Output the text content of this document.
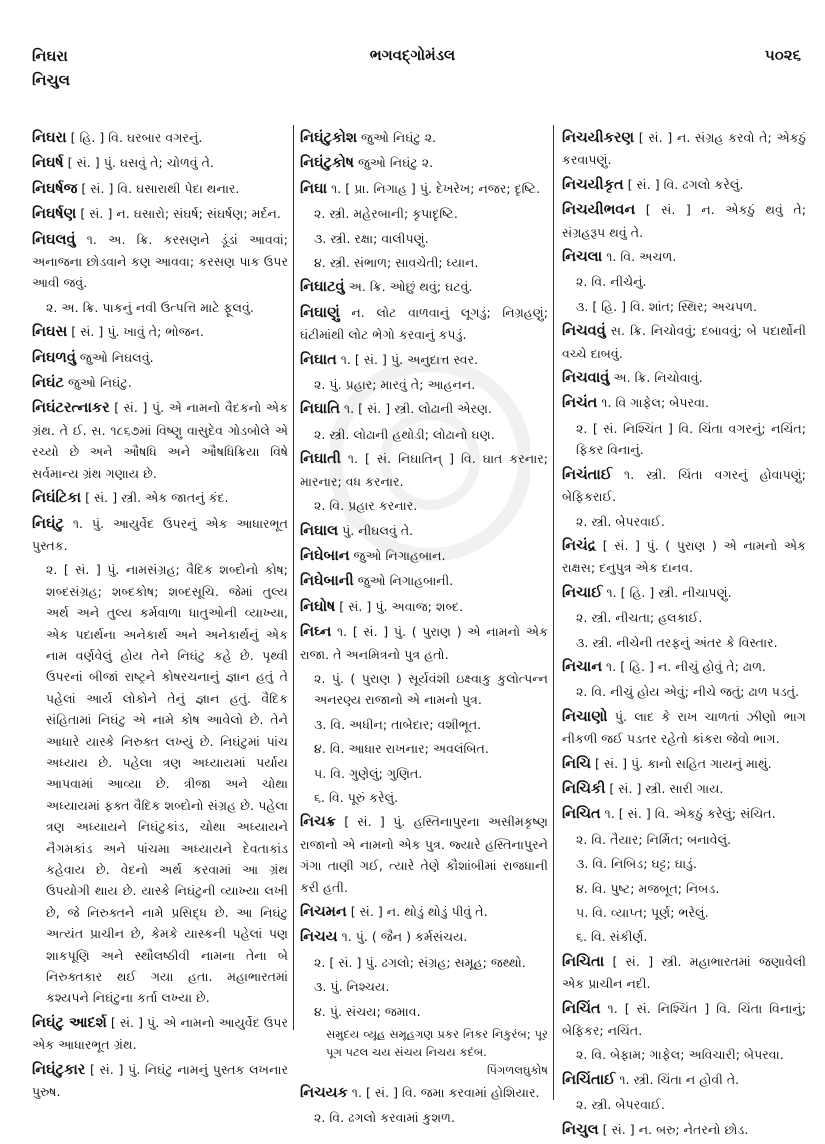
નિઘરા
નિચુલ
ભગવદ્ગોમંડલ	૫૦૨૬
નિઘરા [ હિ. ] વિ. ઘરબાર વગરનું.
નિઘર્ષ [ સં. ] પું. ઘસવું તે; ચોળવું તે.
નિઘર્ષજ [ સં. ] વિ. ઘસારાથી પેદા થનાર.
નિઘર્ષણ [ સં. ] ન. ઘસારો; સંઘર્ષ; સંઘર્ષણ; મર્દન.
નિઘલવું ૧. અ. ક્રિ. કરસણને ડૂંડાં આવવાં; અનાજના છોડવાને કણ આવવા; કરસણ પાક ઉપર આવી જવું.
૨. અ. ક્રિ. પાકનું નવી ઉત્પત્તિ માટે ફૂલવું.
નિઘસ [ સં. ] પું. ખાવું તે; ભોજન.
નિઘળવું જુઓ નિઘલવું.
નિઘંટ જુઓ નિઘંટુ.
નિઘંટરત્નાકર [ સં. ] પું. એ નામનો વૈદકનો એક ગ્રંથ. તે ઈ. સ. ૧૮૬૭માં વિષ્ણુ વાસુદેવ ગોડબોલે એ રચ્યો છે અને ઔષધિ અને ઔષધિક્રિયા વિષે સર્વમાન્ય ગ્રંથ ગણાય છે.
નિઘંટિકા [ સં. ] સ્ત્રી. એક જાતનું કંદ.
નિઘંટુ ૧. પું. આયુર્વેદ ઉપરનું એક આધારભૂત પુસ્તક.
૨. [ સં. ] પું. નામસંગ્રહ; વૈદિક શબ્દોનો કોષ; શબ્દસંગ્રહ; શબ્દકોષ; શબ્દસૂચિ. જેમાં તુલ્ય અર્થ અને તુલ્ય કર્મવાળા ધાતુઓની વ્યાખ્યા, એક પદાર્થના અનેકાર્થ અને અનેકાર્થનું એક નામ વર્ણવેલું હોય તેને નિઘંટુ કહે છે. પૃથ્વી ઉપરનાં બીજાં રાષ્ટ્રને કોષરચનાનું જ્ઞાન હતું તે પહેલાં આર્ય લોકોને તેનું જ્ઞાન હતું. વૈદિક સંહિતામાં નિઘંટુ એ નામે કોષ આવેલો છે. તેને આધારે યાસ્કે નિરુક્ત લખ્યું છે. નિઘંટુમાં પાંચ અધ્યાય છે. પહેલા ત્રણ અધ્યાયમાં પર્યાય આપવામાં આવ્યા છે. ત્રીજા અને ચોથા અધ્યાયમાં ફક્ત વૈદિક શબ્દોનો સંગ્રહ છે. પહેલા ત્રણ અધ્યાયને નિઘંટુકાંડ, ચોથા અધ્યાયને નૈગમકાંડ અને પાંચમા અધ્યાયને દેવતાકાંડ કહેવાય છે. વેદનો અર્થ કરવામાં આ ગ્રંથ ઉપયોગી થાય છે. યાસ્કે નિઘંટુની વ્યાખ્યા લખી છે, જે નિરુક્તને નામે પ્રસિદ્ધ છે. આ નિઘંટુ અત્યંત પ્રાચીન છે, કેમકે યાસ્કની પહેલાં પણ શાકપૂણિ અને સ્થૌલષ્ઠીવી નામના તેના બે નિરુક્તકાર થઈ ગયા હતા. મહાભારતમાં કશ્યપને નિઘંટુના કર્તા લખ્યા છે.
નિઘંટુ આદર્શ [ સં. ] પું. એ નામનો આયુર્વેદ ઉપર એક આધારભૂત ગ્રંથ.
નિઘંટુકાર [ સં. ] પું. નિઘંટુ નામનું પુસ્તક લખનાર પુરુષ.
નિઘંટુકોશ જુઓ નિઘંટુ ૨.
નિઘંટુકોષ જુઓ નિઘંટુ ૨.
નિઘા ૧. [ પ્રા. નિગાહ ] પું. દેખરેખ; નજર; દૃષ્ટિ.
૨. સ્ત્રી. મહેરબાની; કૃપાદૃષ્ટિ.
૩. સ્ત્રી. રક્ષા; વાલીપણું.
૪. સ્ત્રી. સંભાળ; સાવચેતી; ધ્યાન.
નિઘાટવું અ. ક્રિ. ઓછું થવું; ઘટવું.
નિઘાણું ન. લોટ વાળવાનું લૂગડું; નિગ્રહણું; ઘંટીમાંથી લોટ ભેગો કરવાનું કપડું.
નિઘાત ૧. [ સં. ] પું. અનુદાત્ત સ્વર.
૨. પું. પ્રહાર; મારવું તે; આહનન.
નિઘાતિ ૧. [ સં. ] સ્ત્રી. લોઢાની એરણ.
૨. સ્ત્રી. લોઢાની હથોડી; લોઢાનો ઘણ.
નિઘાતી ૧. [ સં. નિઘાતિન્ ] વિ. ઘાત કરનાર; મારનાર; વધ કરનાર.
૨. વિ. પ્રહાર કરનાર.
નિઘાલ પું. નીઘલવું તે.
નિઘેબાન જુઓ નિગાહબાન.
નિઘેબાની જુઓ નિગાહબાની.
નિઘોષ [ સં. ] પું. અવાજ; શબ્દ.
નિઘ્ન ૧. [ સં. ] પું. ( પુરાણ ) એ નામનો એક રાજા. તે અનમિત્રનો પુત્ર હતો.
૨. પું. ( પુરાણ ) સૂર્યવંશી ઇક્ષ્વાકુ કુલોત્પન્ન અનરણ્ય રાજાનો એ નામનો પુત્ર.
૩. વિ. અધીન; તાબેદાર; વશીભૂત.
૪. વિ. આધાર રાખનાર; અવલંબિત.
૫. વિ. ગુણેલું; ગુણિત.
૬. વિ. પૂરું કરેલું.
નિચક્ર [ સં. ] પું. હસ્તિનાપુરના અસીમકૃષ્ણ રાજાનો એ નામનો એક પુત્ર. જ્યારે હસ્તિનાપુરને ગંગા તાણી ગઈ, ત્યારે તેણે કૌશાંબીમાં રાજધાની કરી હતી.
નિચમન [ સં. ] ન. થોડું થોડું પીવું તે.
નિચય ૧. પું. ( જૈન ) કર્મસંચય.
૨. [ સં. ] પું. ઢગલો; સંગ્રહ; સમૂહ; જથ્થો.
૩. પું. નિશ્ચય.
૪. પું. સંચય; જમાવ.
સમુદય વ્યૂહ સમૂહગણ પ્રકર નિકર નિકુરંબ; પૂર પૂગ પટલ ચય સંચય નિચય કદંબ.
પિંગળલઘુકોષ
નિચયક ૧. [ સં. ] વિ. જમા કરવામાં હોશિયાર.
૨. વિ. ઢગલો કરવામાં કુશળ.
નિચયીકરણ [ સં. ] ન. સંગ્રહ કરવો તે; એકઠું કરવાપણું.
નિચયીકૃત [ સં. ] વિ. ઢગલો કરેલું.
નિચયીભવન [ સં. ] ન. એકઠું થવું તે; સંગ્રહરૂપ થવું તે.
નિચલા ૧. વિ. અચળ.
૨. વિ. નીચેનું.
૩. [ હિ. ] વિ. શાંત; સ્થિર; અચપળ.
નિચવવું સ. ક્રિ. નિચોવવું; દબાવવું; બે પદાર્થોની વચ્ચે દાબવું.
નિચવાવું અ. ક્રિ. નિચોવાવું.
નિચંત ૧. વિ ગાફેલ; બેપરવા.
૨. [ સં. નિશ્ચિંત ] વિ. ચિંતા વગરનું; નચિંત; ફિકર વિનાનું.
નિચંતાઈ ૧. સ્ત્રી. ચિંતા વગરનું હોવાપણું; બેફિકરાઈ.
૨. સ્ત્રી. બેપરવાઈ.
નિચંદ્ર [ સં. ] પું. ( પુરાણ ) એ નામનો એક રાક્ષસ; દનુપુત્ર એક દાનવ.
નિચાઈ ૧. [ હિ. ] સ્ત્રી. નીચાપણું.
૨. સ્ત્રી. નીચતા; હલકાઈ.
૩. સ્ત્રી. નીચેની તરફનું અંતર કે વિસ્તાર.
નિચાન ૧. [ હિ. ] ન. નીચું હોવું તે; ઢાળ.
૨. વિ. નીચું હોય એવું; નીચે જતું; ઢાળ પડતું.
નિચાણો પું. લાદ કે રાખ ચાળતાં ઝીણો ભાગ નીકળી જઈ પડતર રહેતો કાંકરા જેવો ભાગ.
નિચિ [ સં. ] પું. કાનો સહિત ગાયનું માથું.
નિચિકી [ સં. ] સ્ત્રી. સારી ગાય.
નિચિત ૧. [ સં. ] વિ. એકઠું કરેલું; સંચિત.
૨. વિ. તૈયાર; નિર્મિત; બનાવેલું.
૩. વિ. નિબિડ; ઘટ્ટ; ઘાડું.
૪. વિ. પુષ્ટ; મજબૂત; નિબડ.
૫. વિ. વ્યાપ્ત; પૂર્ણ; ભરેલું.
૬. વિ. સંકીર્ણ.
નિચિતા [ સં. ] સ્ત્રી. મહાભારતમાં જણાવેલી એક પ્રાચીન નદી.
નિચિંત ૧. [ સં. નિશ્ચિંત ] વિ. ચિંતા વિનાનું; બેફિકર; નચિંત.
૨. વિ. બેફામ; ગાફેલ; અવિચારી; બેપરવા.
નિચિંતાઈ ૧. સ્ત્રી. ચિંતા ન હોવી તે.
૨. સ્ત્રી. બેપરવાઈ.
નિચુલ [ સં. ] ન. બરુ; નેતરનો છોડ.
